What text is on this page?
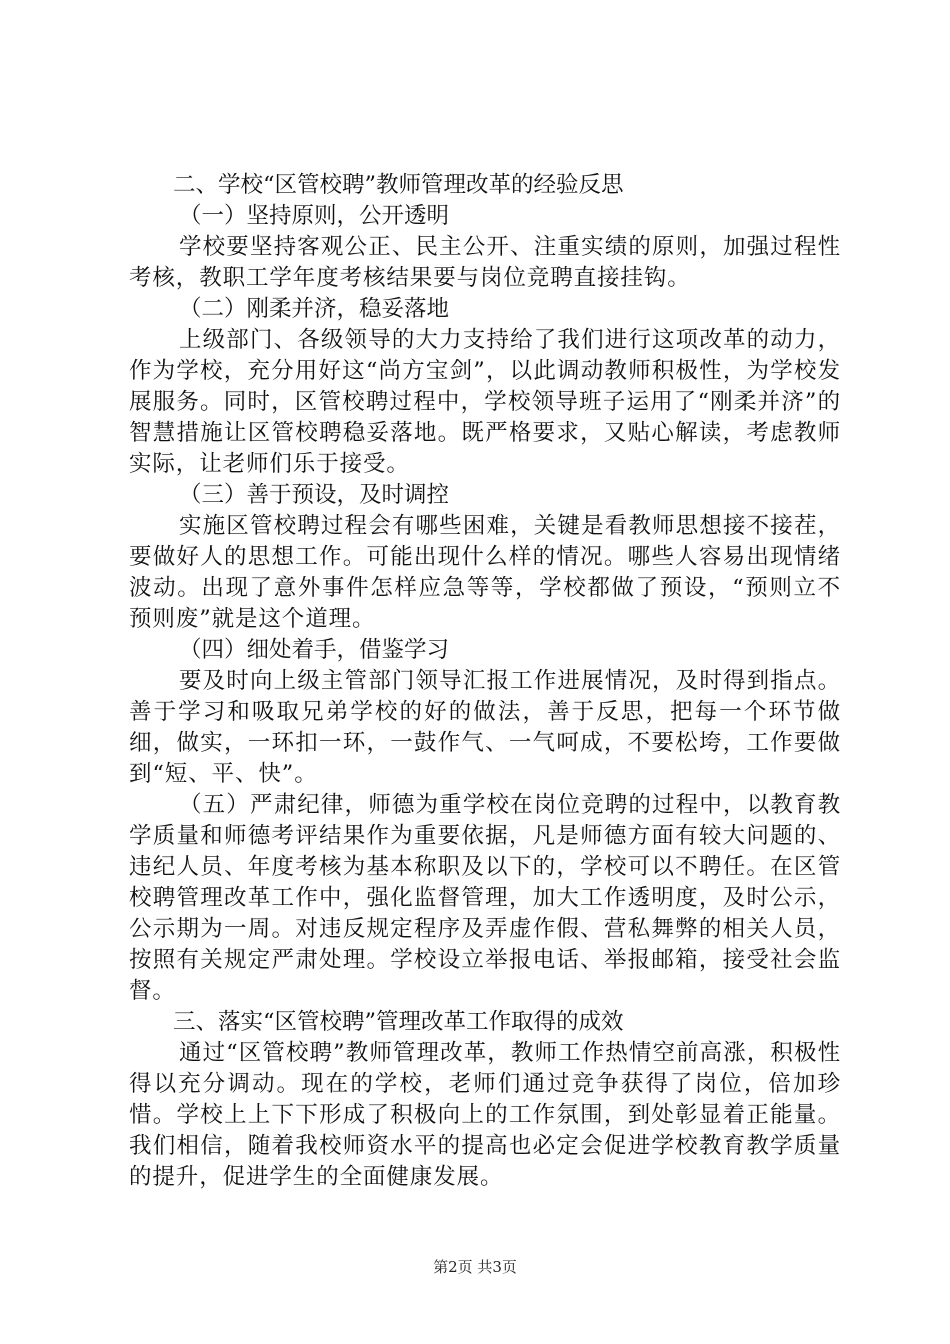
二、学校“区管校聘”教师管理改革的经验反思

（一）坚持原则，公开透明

学校要坚持客观公正、民主公开、注重实绩的原则，加强过程性考核，教职工学年度考核结果要与岗位竞聘直接挂钩。

（二）刚柔并济，稳妥落地

上级部门、各级领导的大力支持给了我们进行这项改革的动力，作为学校，充分用好这“尚方宝剑”，以此调动教师积极性，为学校发展服务。同时，区管校聘过程中，学校领导班子运用了“刚柔并济”的智慧措施让区管校聘稳妥落地。既严格要求，又贴心解读，考虑教师实际，让老师们乐于接受。

（三）善于预设，及时调控

实施区管校聘过程会有哪些困难，关键是看教师思想接不接茬，要做好人的思想工作。可能出现什么样的情况。哪些人容易出现情绪波动。出现了意外事件怎样应急等等，学校都做了预设，“预则立不预则废”就是这个道理。

（四）细处着手，借鉴学习

要及时向上级主管部门领导汇报工作进展情况，及时得到指点。善于学习和吸取兄弟学校的好的做法，善于反思，把每一个环节做细，做实，一环扣一环，一鼓作气、一气呵成，不要松垮，工作要做到“短、平、快”。

（五）严肃纪律，师德为重学校在岗位竞聘的过程中，以教育教学质量和师德考评结果作为重要依据，凡是师德方面有较大问题的、违纪人员、年度考核为基本称职及以下的，学校可以不聘任。在区管校聘管理改革工作中，强化监督管理，加大工作透明度，及时公示，公示期为一周。对违反规定程序及弄虚作假、营私舞弊的相关人员，按照有关规定严肃处理。学校设立举报电话、举报邮箱，接受社会监督。

三、落实“区管校聘”管理改革工作取得的成效

通过“区管校聘”教师管理改革，教师工作热情空前高涨，积极性得以充分调动。现在的学校，老师们通过竞争获得了岗位，倍加珍惜。学校上上下下形成了积极向上的工作氛围，到处彰显着正能量。我们相信，随着我校师资水平的提高也必定会促进学校教育教学质量的提升，促进学生的全面健康发展。

第2页 共3页
